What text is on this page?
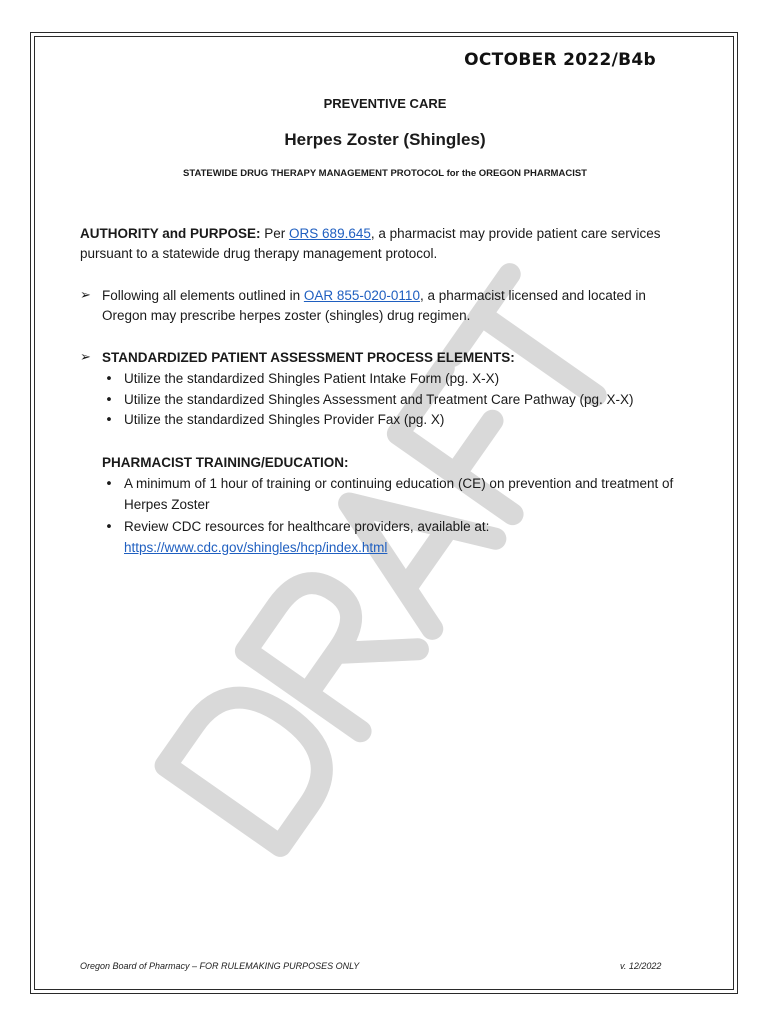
OCTOBER 2022/B4b
PREVENTIVE CARE
Herpes Zoster (Shingles)
STATEWIDE DRUG THERAPY MANAGEMENT PROTOCOL for the OREGON PHARMACIST
AUTHORITY and PURPOSE: Per ORS 689.645, a pharmacist may provide patient care services pursuant to a statewide drug therapy management protocol.
➢ Following all elements outlined in OAR 855-020-0110, a pharmacist licensed and located in Oregon may prescribe herpes zoster (shingles) drug regimen.
➢ STANDARDIZED PATIENT ASSESSMENT PROCESS ELEMENTS:
• Utilize the standardized Shingles Patient Intake Form (pg. X-X)
• Utilize the standardized Shingles Assessment and Treatment Care Pathway (pg. X-X)
• Utilize the standardized Shingles Provider Fax (pg. X)
PHARMACIST TRAINING/EDUCATION:
• A minimum of 1 hour of training or continuing education (CE) on prevention and treatment of Herpes Zoster
• Review CDC resources for healthcare providers, available at:
https://www.cdc.gov/shingles/hcp/index.html
Oregon Board of Pharmacy – FOR RULEMAKING PURPOSES ONLY	v. 12/2022
